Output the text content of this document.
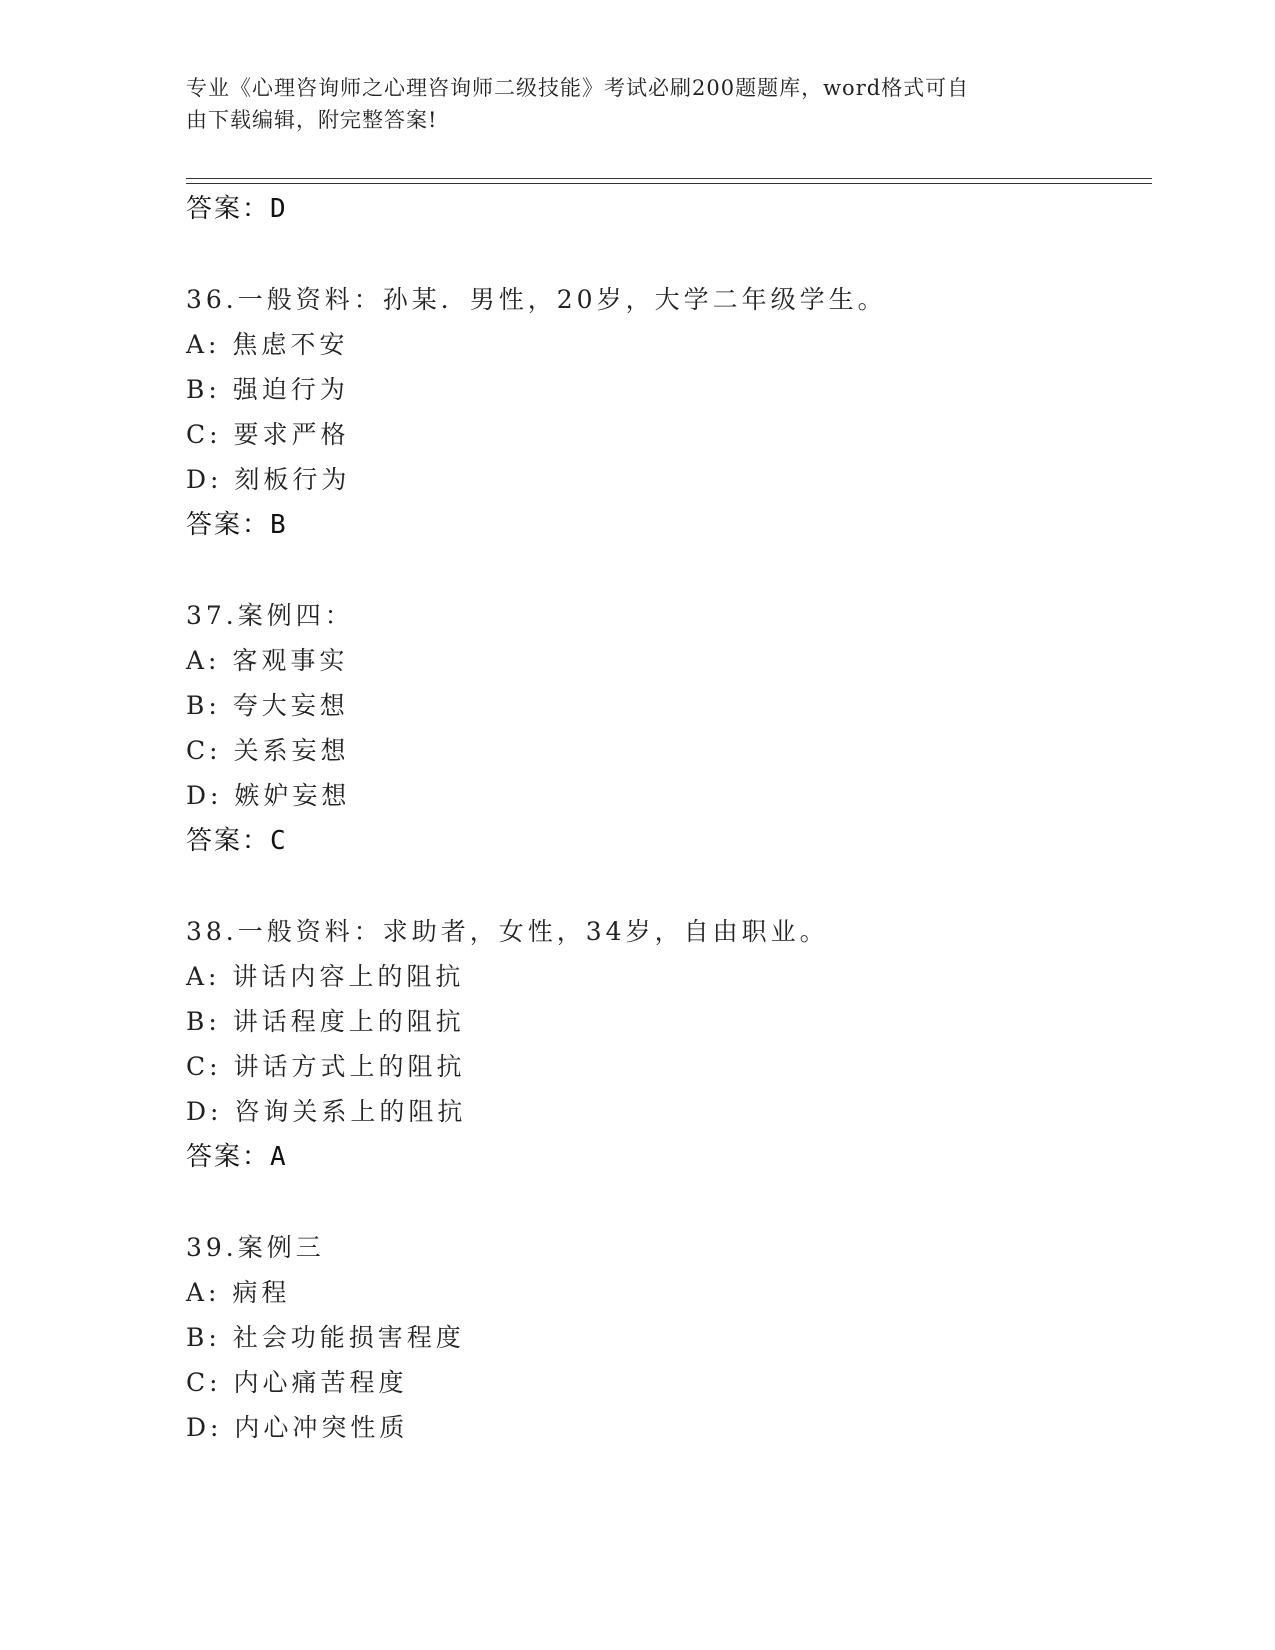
专业《心理咨询师之心理咨询师二级技能》考试必刷200题题库，word格式可自
由下载编辑，附完整答案!
答案：D
36.一般资料：孙某．男性，20岁，大学二年级学生。
A: 焦虑不安
B: 强迫行为
C: 要求严格
D: 刻板行为
答案：B
37.案例四：
A: 客观事实
B: 夸大妄想
C: 关系妄想
D: 嫉妒妄想
答案：C
38.一般资料：求助者，女性，34岁，自由职业。
A: 讲话内容上的阻抗
B: 讲话程度上的阻抗
C: 讲话方式上的阻抗
D: 咨询关系上的阻抗
答案：A
39.案例三
A: 病程
B: 社会功能损害程度
C: 内心痛苦程度
D: 内心冲突性质
